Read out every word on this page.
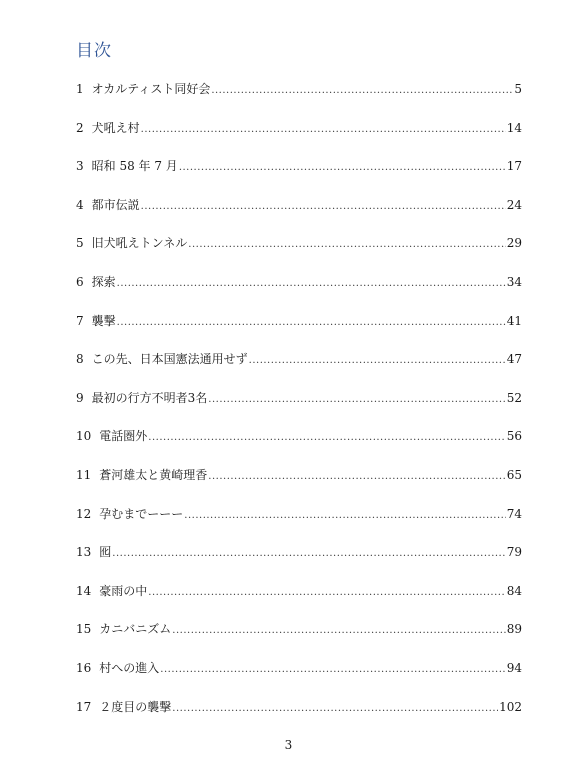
目次
1 オカルティスト同好会 .....	5
2 犬吼え村 .....	14
3 昭和 58 年 7 月 .....	17
4 都市伝説 .....	24
5 旧犬吼えトンネル .....	29
6 探索 .....	34
7 襲撃 .....	41
8 この先、日本国憲法通用せず .....	47
9 最初の行方不明者3名 .....	52
10 電話圏外 .....	56
11 蒼河雄太と黄崎理香 .....	65
12 孕むまでーーー .....	74
13 囮 .....	79
14 豪雨の中 .....	84
15 カニバニズム .....	89
16 村への進入 .....	94
17 ２度目の襲撃 .....	102
3
